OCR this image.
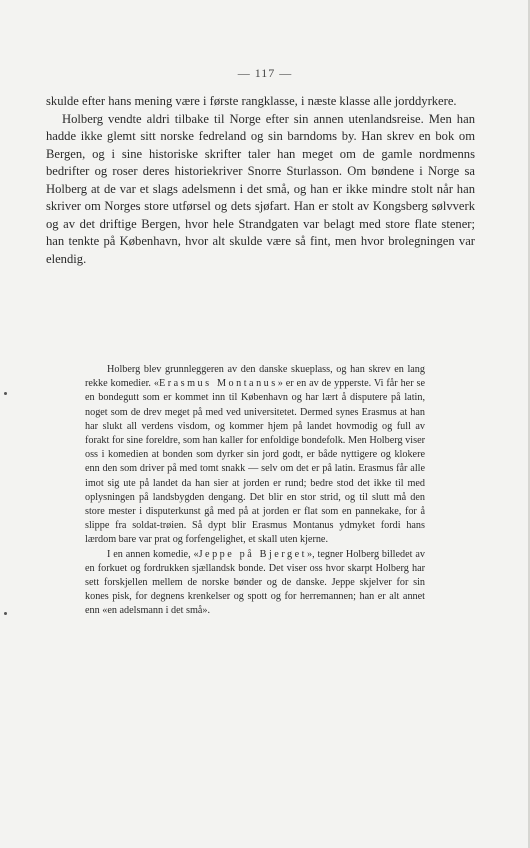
— 117 —

skulde efter hans mening være i første rangklasse, i næste klasse alle jorddyrkere.

Holberg vendte aldri tilbake til Norge efter sin annen utenlandsreise. Men han hadde ikke glemt sitt norske fedreland og sin barndoms by. Han skrev en bok om Bergen, og i sine historiske skrifter taler han meget om de gamle nordmenns bedrifter og roser deres historiekriver Snorre Sturlasson. Om bøndene i Norge sa Holberg at de var et slags adelsmenn i det små, og han er ikke mindre stolt når han skriver om Norges store utførsel og dets sjøfart. Han er stolt av Kongsberg sølvverk og av det driftige Bergen, hvor hele Strandgaten var belagt med store flate stener; han tenkte på København, hvor alt skulde være så fint, men hvor brolegningen var elendig.

Holberg blev grunnleggeren av den danske skueplass, og han skrev en lang rekke komedier. «Erasmus Montanus» er en av de ypperste. Vi får her se en bondegutt som er kommet inn til København og har lært å disputere på latin, noget som de drev meget på med ved universitetet. Dermed synes Erasmus at han har slukt all verdens visdom, og kommer hjem på landet hovmodig og full av forakt for sine foreldre, som han kaller for enfoldige bondefolk. Men Holberg viser oss i komedien at bonden som dyrker sin jord godt, er både nyttigere og klokere enn den som driver på med tomt snakk — selv om det er på latin. Erasmus får alle imot sig ute på landet da han sier at jorden er rund; bedre stod det ikke til med oplysningen på landsbygden dengang. Det blir en stor strid, og til slutt må den store mester i disputerkunst gå med på at jorden er flat som en pannekake, for å slippe fra soldat-trøien. Så dypt blir Erasmus Montanus ydmyket fordi hans lærdom bare var prat og forfengelighet, et skall uten kjerne.

I en annen komedie, «Jeppe på Bjerget», tegner Holberg billedet av en forkuet og fordrukken sjællandsk bonde. Det viser oss hvor skarpt Holberg har sett forskjellen mellem de norske bønder og de danske. Jeppe skjelver for sin kones pisk, for degnens krenkelser og spott og for herremannen; han er alt annet enn «en adelsmann i det små».
